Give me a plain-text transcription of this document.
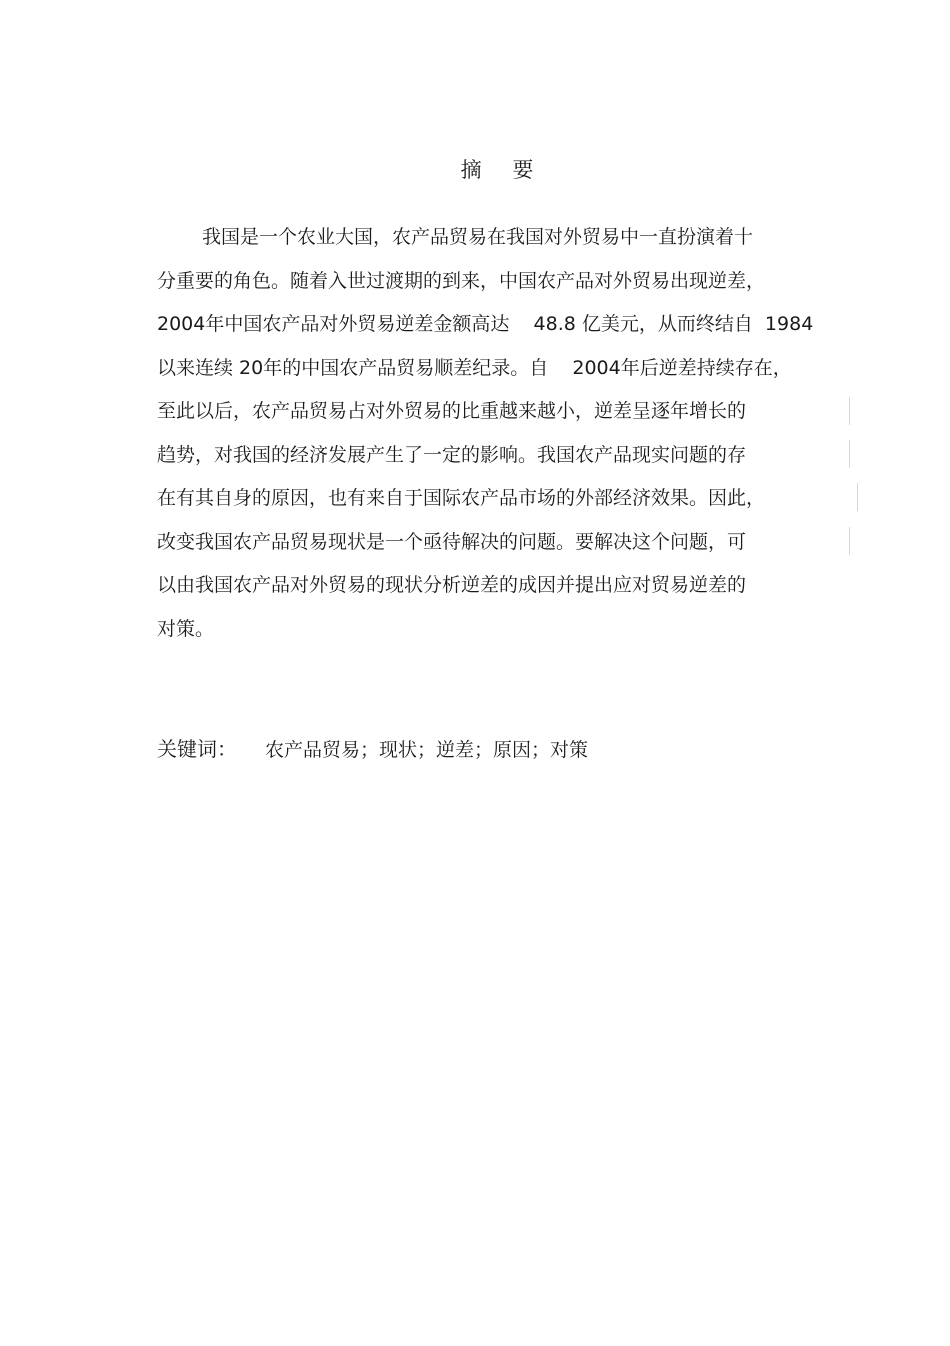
摘 要
我国是一个农业大国，农产品贸易在我国对外贸易中一直扮演着十
分重要的角色。随着入世过渡期的到来，中国农产品对外贸易出现逆差，
2004年中国农产品对外贸易逆差金额高达    48.8 亿美元，从而终结自  1984
以来连续 20年的中国农产品贸易顺差纪录。自    2004年后逆差持续存在，
至此以后，农产品贸易占对外贸易的比重越来越小，逆差呈逐年增长的
趋势，对我国的经济发展产生了一定的影响。我国农产品现实问题的存
在有其自身的原因，也有来自于国际农产品市场的外部经济效果。因此，
改变我国农产品贸易现状是一个亟待解决的问题。要解决这个问题，可
以由我国农产品对外贸易的现状分析逆差的成因并提出应对贸易逆差的
对策。
关键词： 农产品贸易；现状；逆差；原因；对策
